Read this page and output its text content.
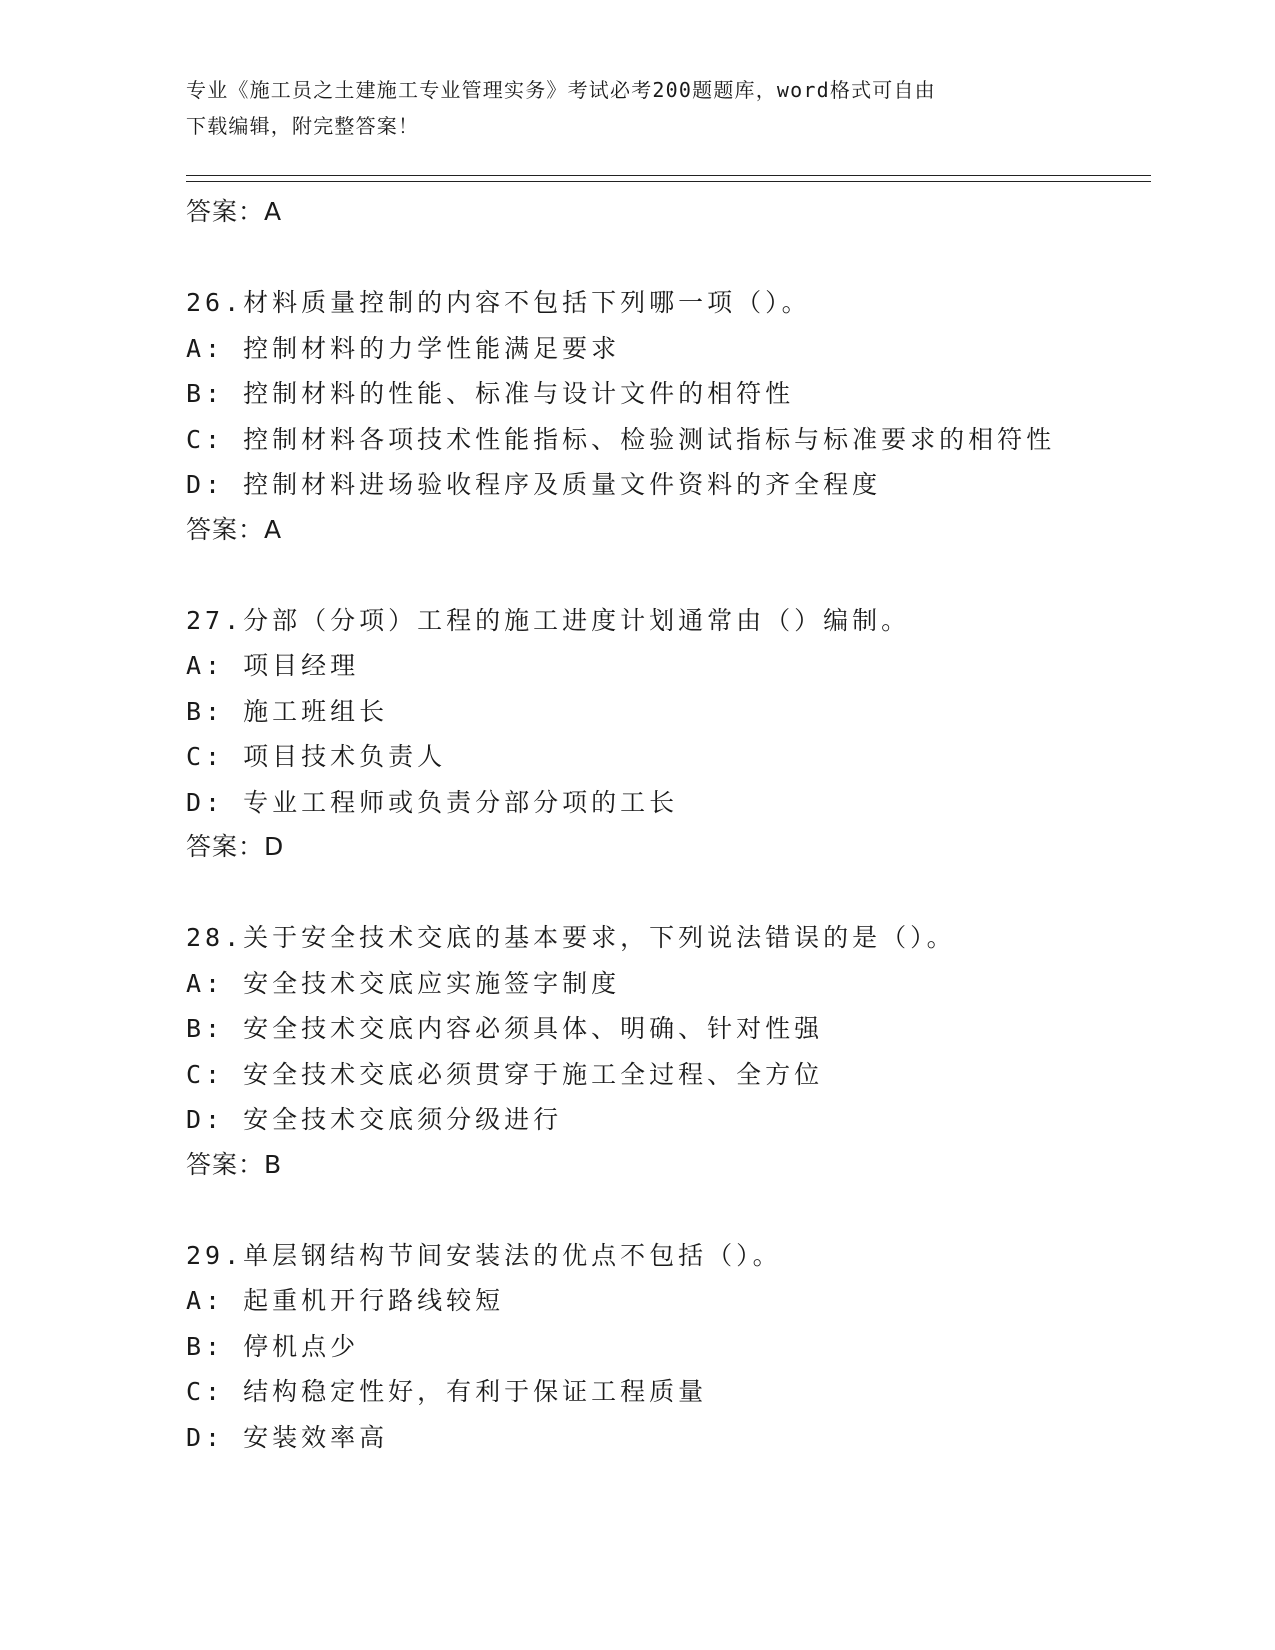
专业《施工员之土建施工专业管理实务》考试必考200题题库，word格式可自由
下载编辑，附完整答案！
答案：A
26.材料质量控制的内容不包括下列哪一项（）。
A: 控制材料的力学性能满足要求
B: 控制材料的性能、标准与设计文件的相符性
C: 控制材料各项技术性能指标、检验测试指标与标准要求的相符性
D: 控制材料进场验收程序及质量文件资料的齐全程度
答案：A
27.分部（分项）工程的施工进度计划通常由（）编制。
A: 项目经理
B: 施工班组长
C: 项目技术负责人
D: 专业工程师或负责分部分项的工长
答案：D
28.关于安全技术交底的基本要求，下列说法错误的是（）。
A: 安全技术交底应实施签字制度
B: 安全技术交底内容必须具体、明确、针对性强
C: 安全技术交底必须贯穿于施工全过程、全方位
D: 安全技术交底须分级进行
答案：B
29.单层钢结构节间安装法的优点不包括（）。
A: 起重机开行路线较短
B: 停机点少
C: 结构稳定性好，有利于保证工程质量
D: 安装效率高
